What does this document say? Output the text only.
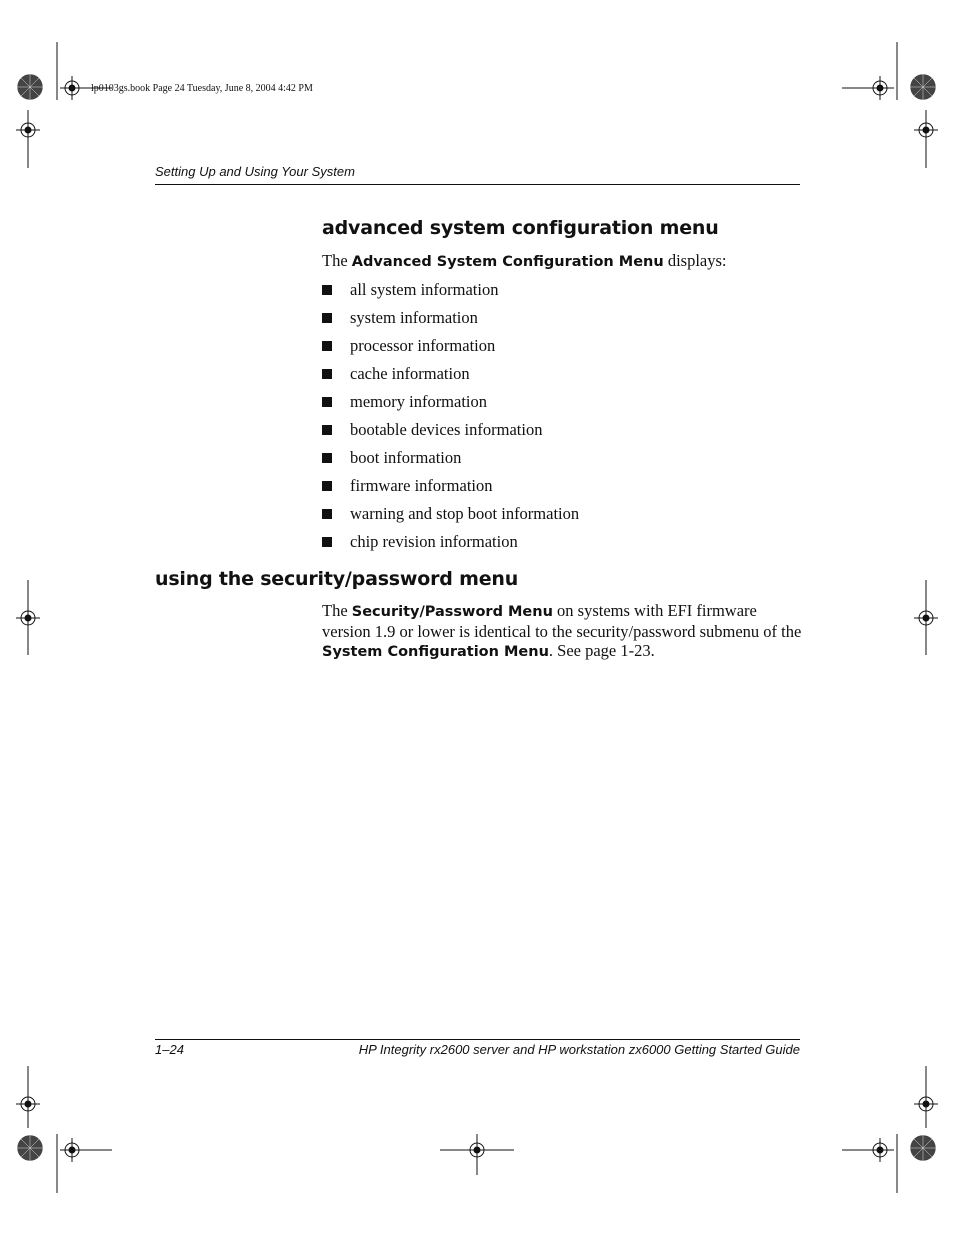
lp0103gs.book Page 24 Tuesday, June 8, 2004 4:42 PM
Setting Up and Using Your System
advanced system configuration menu
The Advanced System Configuration Menu displays:
all system information
system information
processor information
cache information
memory information
bootable devices information
boot information
firmware information
warning and stop boot information
chip revision information
using the security/password menu
The Security/Password Menu on systems with EFI firmware version 1.9 or lower is identical to the security/password submenu of the System Configuration Menu. See page 1-23.
1–24	HP Integrity rx2600 server and HP workstation zx6000 Getting Started Guide
